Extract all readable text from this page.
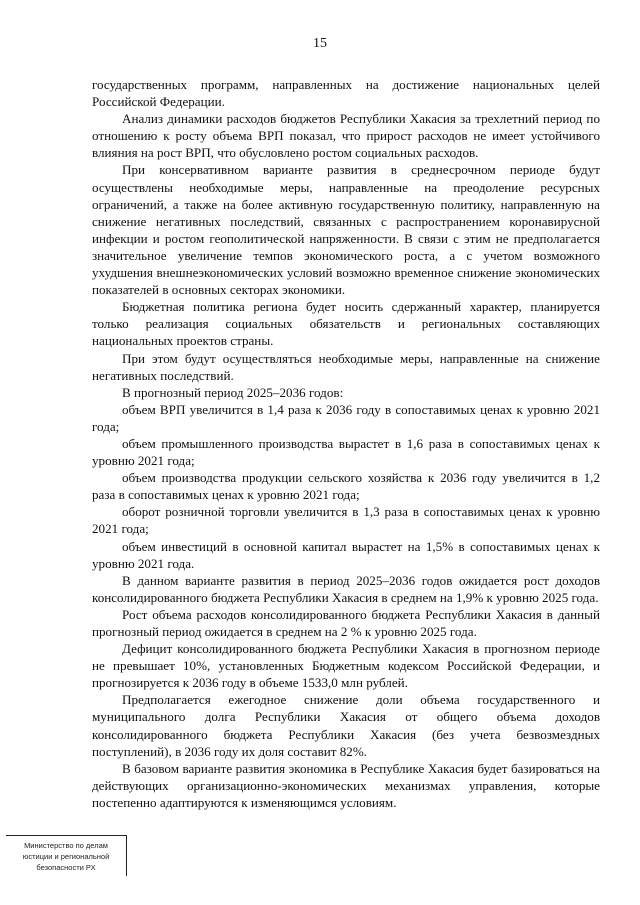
15

государственных программ, направленных на достижение национальных целей Российской Федерации.

Анализ динамики расходов бюджетов Республики Хакасия за трехлетний период по отношению к росту объема ВРП показал, что прирост расходов не имеет устойчивого влияния на рост ВРП, что обусловлено ростом социальных расходов.

При консервативном варианте развития в среднесрочном периоде будут осуществлены необходимые меры, направленные на преодоление ресурсных ограничений, а также на более активную государственную политику, направленную на снижение негативных последствий, связанных с распространением коронавирусной инфекции и ростом геополитической напряженности. В связи с этим не предполагается значительное увеличение темпов экономического роста, а с учетом возможного ухудшения внешнеэкономических условий возможно временное снижение экономических показателей в основных секторах экономики.

Бюджетная политика региона будет носить сдержанный характер, планируется только реализация социальных обязательств и региональных составляющих национальных проектов страны.

При этом будут осуществляться необходимые меры, направленные на снижение негативных последствий.

В прогнозный период 2025–2036 годов:

объем ВРП увеличится в 1,4 раза к 2036 году в сопоставимых ценах к уровню 2021 года;

объем промышленного производства вырастет в 1,6 раза в сопоставимых ценах к уровню 2021 года;

объем производства продукции сельского хозяйства к 2036 году увеличится в 1,2 раза в сопоставимых ценах к уровню 2021 года;

оборот розничной торговли увеличится в 1,3 раза в сопоставимых ценах к уровню 2021 года;

объем инвестиций в основной капитал вырастет на 1,5% в сопоставимых ценах к уровню 2021 года.

В данном варианте развития в период 2025–2036 годов ожидается рост доходов консолидированного бюджета Республики Хакасия в среднем на 1,9% к уровню 2025 года.

Рост объема расходов консолидированного бюджета Республики Хакасия в данный прогнозный период ожидается в среднем на 2 % к уровню 2025 года.

Дефицит консолидированного бюджета Республики Хакасия в прогнозном периоде не превышает 10%, установленных Бюджетным кодексом Российской Федерации, и прогнозируется к 2036 году в объеме 1533,0 млн рублей.

Предполагается ежегодное снижение доли объема государственного и муниципального долга Республики Хакасия от общего объема доходов консолидированного бюджета Республики Хакасия (без учета безвозмездных поступлений), в 2036 году их доля составит 82%.

В базовом варианте развития экономика в Республике Хакасия будет базироваться на действующих организационно-экономических механизмах управления, которые постепенно адаптируются к изменяющимся условиям.

Министерство по делам
юстиции и региональной
безопасности РХ
